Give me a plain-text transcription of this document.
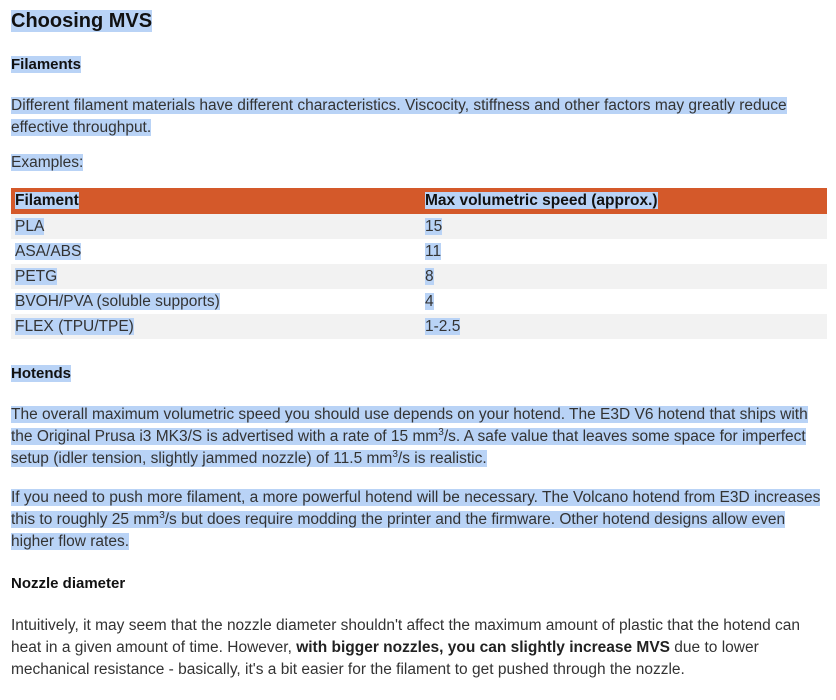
Choosing MVS
Filaments

Different filament materials have different characteristics. Viscocity, stiffness and other factors may greatly reduce effective throughput.

Examples:

Filament	Max volumetric speed (approx.)
PLA	15
ASA/ABS	11
PETG	8
BVOH/PVA (soluble supports)	4
FLEX (TPU/TPE)	1-2.5
Hotends

The overall maximum volumetric speed you should use depends on your hotend. The E3D V6 hotend that ships with the Original Prusa i3 MK3/S is advertised with a rate of 15 $mm^3/s$. A safe value that leaves some space for imperfect setup (idler tension, slightly jammed nozzle) of 11.5 $mm^3/s$ is realistic.

If you need to push more filament, a more powerful hotend will be necessary. The Volcano hotend from E3D increases this to roughly 25 $mm^3/s$ but does require modding the printer and the firmware. Other hotend designs allow even higher flow rates.

Nozzle diameter

Intuitively, it may seem that the nozzle diameter shouldn't affect the maximum amount of plastic that the hotend can heat in a given amount of time. However, with bigger nozzles, you can slightly increase MVS due to lower mechanical resistance - basically, it's a bit easier for the filament to get pushed through the nozzle.
